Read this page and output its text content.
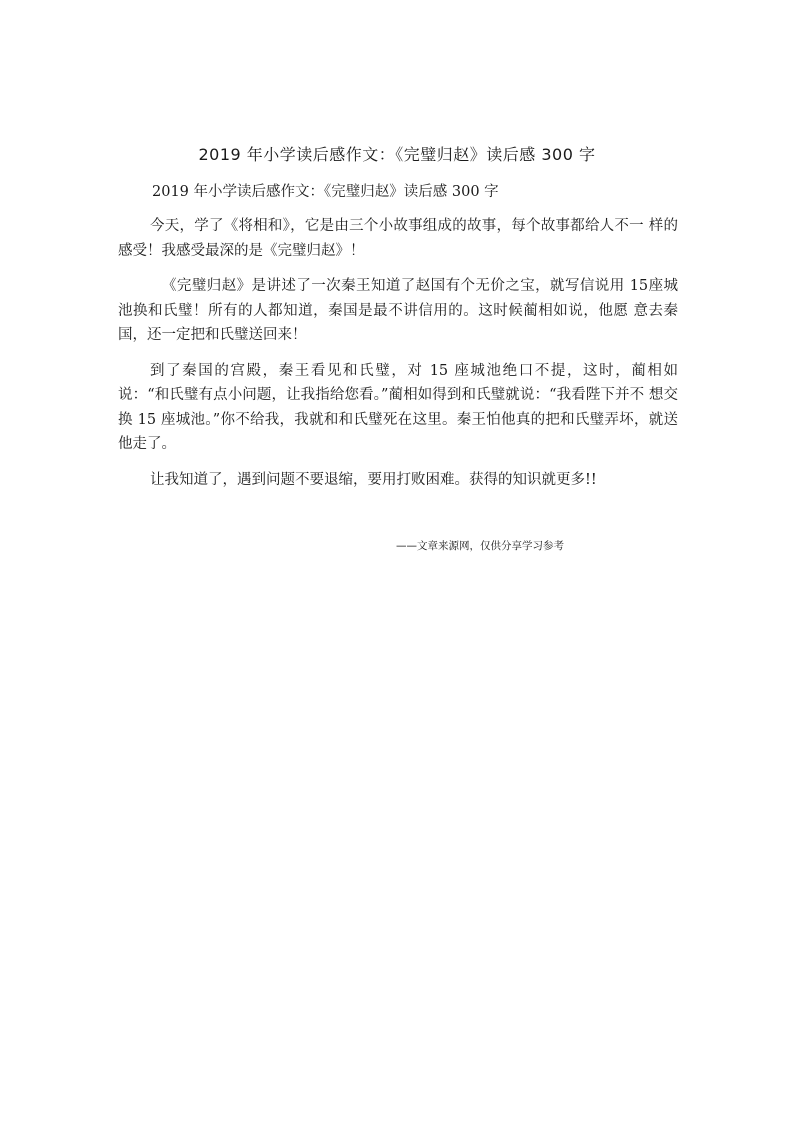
2019 年小学读后感作文：《完璧归赵》读后感 300 字
2019 年小学读后感作文：《完璧归赵》读后感 300 字

今天，学了《将相和》，它是由三个小故事组成的故事，每个故事都给人不一 样的感受！我感受最深的是《完璧归赵》！

《完璧归赵》是讲述了一次秦王知道了赵国有个无价之宝，就写信说用 15座城池换和氏璧！所有的人都知道，秦国是最不讲信用的。这时候蔺相如说，他愿 意去秦国，还一定把和氏璧送回来！

到了秦国的宫殿，秦王看见和氏璧，对 15 座城池绝口不提，这时，蔺相如说：“和氏璧有点小问题，让我指给您看。”蔺相如得到和氏璧就说：“我看陛下并不 想交换 15 座城池。”你不给我，我就和和氏璧死在这里。秦王怕他真的把和氏璧弄坏，就送他走了。

让我知道了，遇到问题不要退缩，要用打败困难。获得的知识就更多!!

——文章来源网，仅供分享学习参考
